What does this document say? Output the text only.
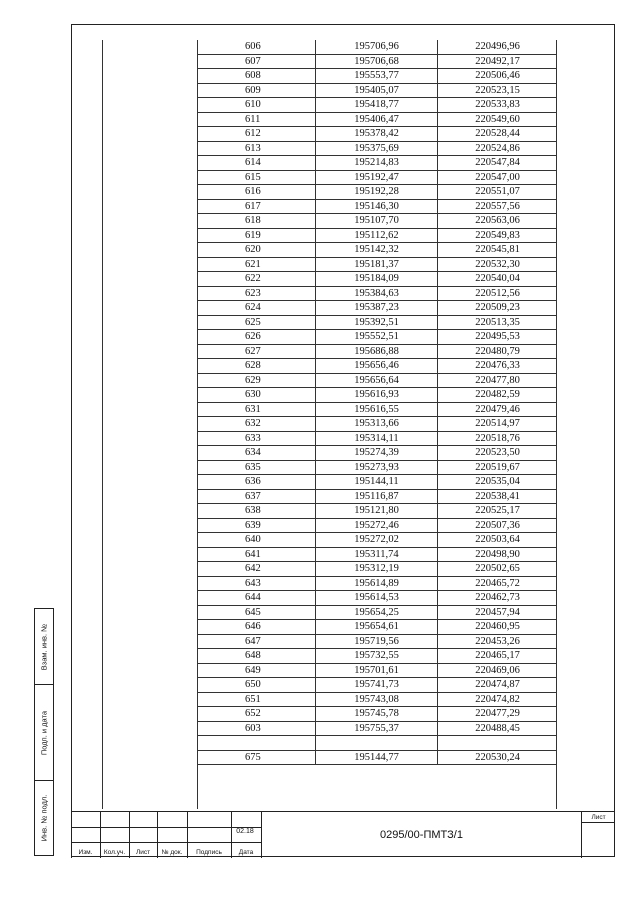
Взам. инв. №
Подп. и дата
Инв. № подл.
606	195706,96	220496,96
607	195706,68	220492,17
608	195553,77	220506,46
609	195405,07	220523,15
610	195418,77	220533,83
611	195406,47	220549,60
612	195378,42	220528,44
613	195375,69	220524,86
614	195214,83	220547,84
615	195192,47	220547,00
616	195192,28	220551,07
617	195146,30	220557,56
618	195107,70	220563,06
619	195112,62	220549,83
620	195142,32	220545,81
621	195181,37	220532,30
622	195184,09	220540,04
623	195384,63	220512,56
624	195387,23	220509,23
625	195392,51	220513,35
626	195552,51	220495,53
627	195686,88	220480,79
628	195656,46	220476,33
629	195656,64	220477,80
630	195616,93	220482,59
631	195616,55	220479,46
632	195313,66	220514,97
633	195314,11	220518,76
634	195274,39	220523,50
635	195273,93	220519,67
636	195144,11	220535,04
637	195116,87	220538,41
638	195121,80	220525,17
639	195272,46	220507,36
640	195272,02	220503,64
641	195311,74	220498,90
642	195312,19	220502,65
643	195614,89	220465,72
644	195614,53	220462,73
645	195654,25	220457,94
646	195654,61	220460,95
647	195719,56	220453,26
648	195732,55	220465,17
649	195701,61	220469,06
650	195741,73	220474,87
651	195743,08	220474,82
652	195745,78	220477,29
603	195755,37	220488,45
675	195144,77	220530,24
Изм.	Кол.уч.	Лист	№ док.	Подпись	Дата
02.18	0295/00-ПМТЗ/1
Лист
